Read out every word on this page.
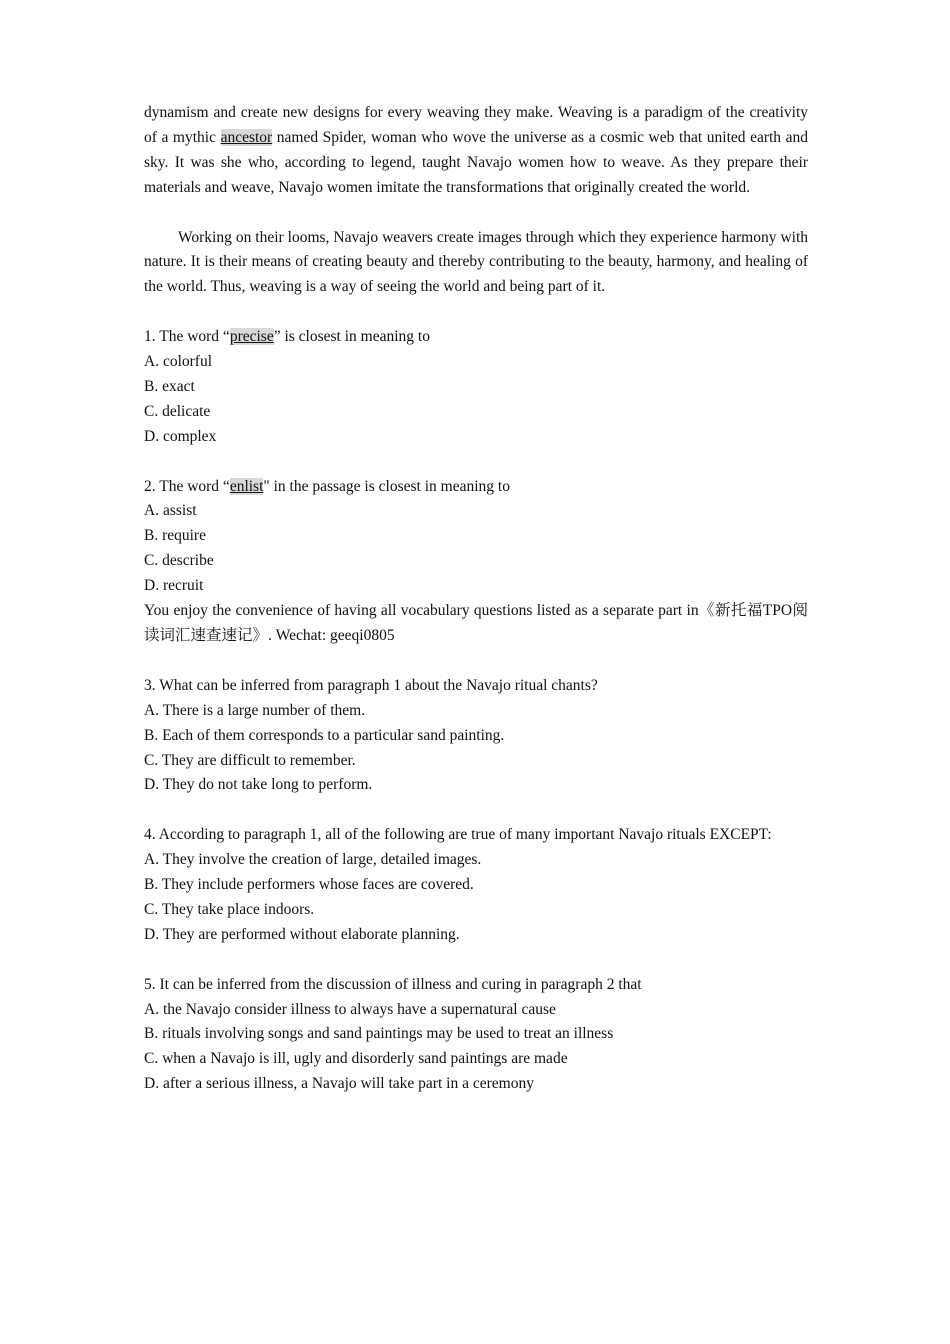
dynamism and create new designs for every weaving they make. Weaving is a paradigm of the creativity of a mythic ancestor named Spider, woman who wove the universe as a cosmic web that united earth and sky. It was she who, according to legend, taught Navajo women how to weave. As they prepare their materials and weave, Navajo women imitate the transformations that originally created the world.

Working on their looms, Navajo weavers create images through which they experience harmony with nature. It is their means of creating beauty and thereby contributing to the beauty, harmony, and healing of the world. Thus, weaving is a way of seeing the world and being part of it.

1. The word “precise” is closest in meaning to
A. colorful
B. exact
C. delicate
D. complex
2. The word “enlist" in the passage is closest in meaning to
A. assist
B. require
C. describe
D. recruit
You enjoy the convenience of having all vocabulary questions listed as a separate part in《新托福TPO阅读词汇速查速记》. Wechat: geeqi0805
3. What can be inferred from paragraph 1 about the Navajo ritual chants?
A. There is a large number of them.
B. Each of them corresponds to a particular sand painting.
C. They are difficult to remember.
D. They do not take long to perform.
4. According to paragraph 1, all of the following are true of many important Navajo rituals EXCEPT:
A. They involve the creation of large, detailed images.
B. They include performers whose faces are covered.
C. They take place indoors.
D. They are performed without elaborate planning.
5. It can be inferred from the discussion of illness and curing in paragraph 2 that
A. the Navajo consider illness to always have a supernatural cause
B. rituals involving songs and sand paintings may be used to treat an illness
C. when a Navajo is ill, ugly and disorderly sand paintings are made
D. after a serious illness, a Navajo will take part in a ceremony
